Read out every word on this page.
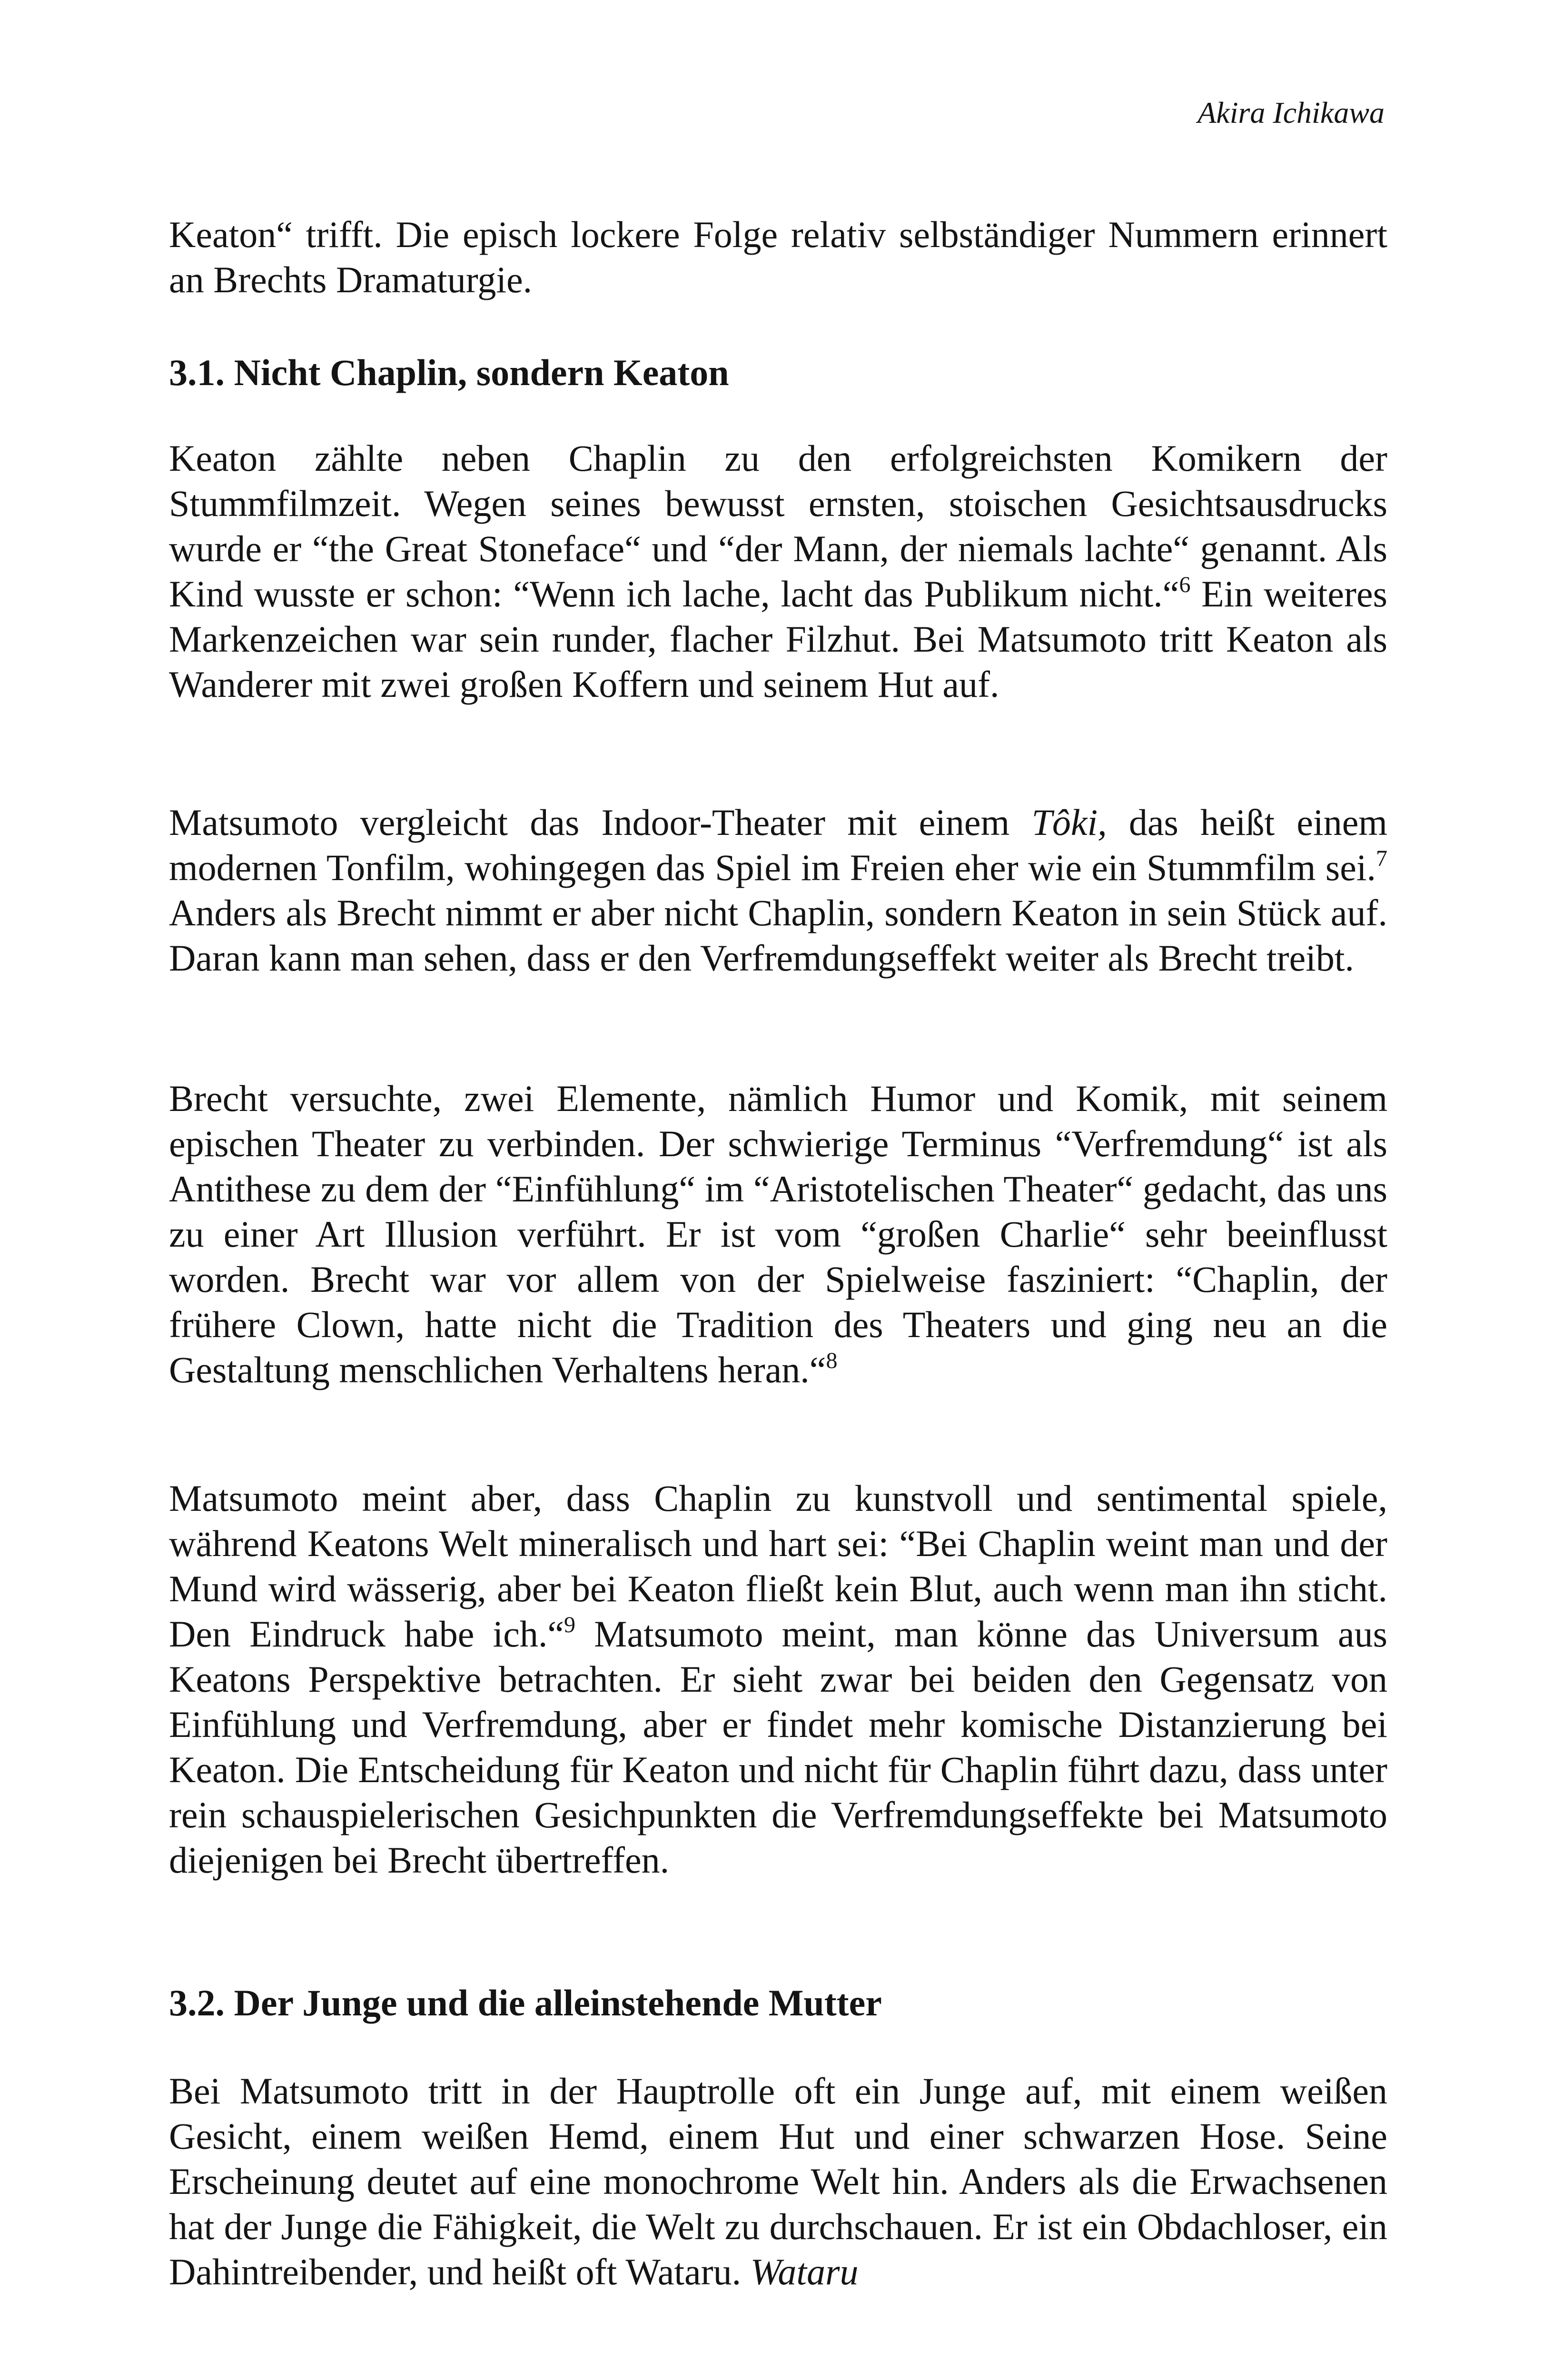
Akira Ichikawa

Keaton“ trifft. Die episch lockere Folge relativ selbständiger Nummern erinnert an Brechts Dramaturgie.

3.1. Nicht Chaplin, sondern Keaton

Keaton zählte neben Chaplin zu den erfolgreichsten Komikern der Stummfilmzeit. Wegen seines bewusst ernsten, stoischen Gesichtsausdrucks wurde er “the Great Stoneface“ und “der Mann, der niemals lachte“ genannt. Als Kind wusste er schon: “Wenn ich lache, lacht das Publikum nicht.“$^6$ Ein weiteres Markenzeichen war sein runder, flacher Filzhut. Bei Matsumoto tritt Keaton als Wanderer mit zwei großen Koffern und seinem Hut auf.

Matsumoto vergleicht das Indoor-Theater mit einem Tôki, das heißt einem modernen Tonfilm, wohingegen das Spiel im Freien eher wie ein Stummfilm sei.$^7$ Anders als Brecht nimmt er aber nicht Chaplin, sondern Keaton in sein Stück auf. Daran kann man sehen, dass er den Verfremdungseffekt weiter als Brecht treibt.

Brecht versuchte, zwei Elemente, nämlich Humor und Komik, mit seinem epischen Theater zu verbinden. Der schwierige Terminus “Verfremdung“ ist als Antithese zu dem der “Einfühlung“ im “Aristotelischen Theater“ gedacht, das uns zu einer Art Illusion verführt. Er ist vom “großen Charlie“ sehr beeinflusst worden. Brecht war vor allem von der Spielweise fasziniert: “Chaplin, der frühere Clown, hatte nicht die Tradition des Theaters und ging neu an die Gestaltung menschlichen Verhaltens heran.“$^8$

Matsumoto meint aber, dass Chaplin zu kunstvoll und sentimental spiele, während Keatons Welt mineralisch und hart sei: “Bei Chaplin weint man und der Mund wird wässerig, aber bei Keaton fließt kein Blut, auch wenn man ihn sticht. Den Eindruck habe ich.“$^9$ Matsumoto meint, man könne das Universum aus Keatons Perspektive betrachten. Er sieht zwar bei beiden den Gegensatz von Einfühlung und Verfremdung, aber er findet mehr komische Distanzierung bei Keaton. Die Entscheidung für Keaton und nicht für Chaplin führt dazu, dass unter rein schauspielerischen Gesichpunkten die Verfremdungseffekte bei Matsumoto diejenigen bei Brecht übertreffen.

3.2. Der Junge und die alleinstehende Mutter

Bei Matsumoto tritt in der Hauptrolle oft ein Junge auf, mit einem weißen Gesicht, einem weißen Hemd, einem Hut und einer schwarzen Hose. Seine Erscheinung deutet auf eine monochrome Welt hin. Anders als die Erwachsenen hat der Junge die Fähigkeit, die Welt zu durchschauen. Er ist ein Obdachloser, ein Dahintreibender, und heißt oft Wataru. Wataru
